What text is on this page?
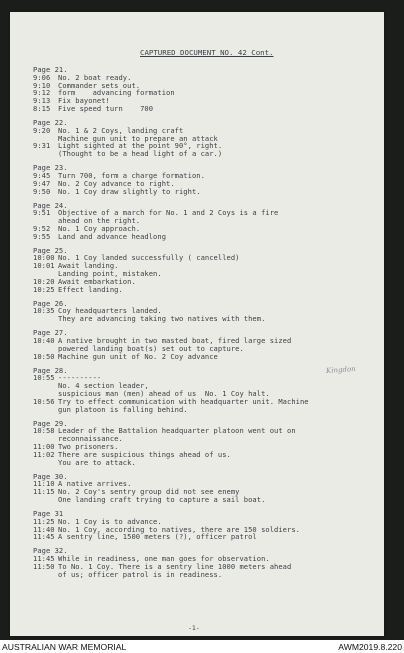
CAPTURED DOCUMENT NO. 42 Cont.
Page 21.
9:06	No. 2 boat ready.
9:10	Commander sets out.
9:12	form    advancing formation
9:13	Fix bayonet!
8:15	Five speed turn    700
Page 22.
9:20	No. 1 & 2 Coys, landing craft
Machine gun unit to prepare an attack
9:31	Light sighted at the point 90°, right.
(Thought to be a head light of a car.)
Page 23.
9:45	Turn 700, form a charge formation.
9:47	No. 2 Coy advance to right.
9:50	No. 1 Coy draw slightly to right.
Page 24.
9:51	Objective of a march for No. 1 and 2 Coys is a fire
ahead on the right.
9:52	No. 1 Coy approach.
9:55	Land and advance headlong
Page 25.
10:00 No. 1 Coy landed successfully ( cancelled)
10:01 Await landing.
Landing point, mistaken.
10:20 Await embarkation.
10:25 Effect landing.
Page 26.
10:35 Coy headquarters landed.
They are advancing taking two natives with them.
Page 27.
10:40 A native brought in two masted boat, fired large sized
powered landing boat(s) set out to capture.
10:50 Machine gun unit of No. 2 Coy advance
Page 28.
10:55 ----------
No. 4 section leader,
suspicious man (men) ahead of us  No. 1 Coy halt.
10:56 Try to effect communication with headquarter unit. Machine
gun platoon is falling behind.
Page 29.
10:58 Leader of the Battalion headquarter platoon went out on
reconnaissance.
11:00 Two prisoners.
11:02 There are suspicious things ahead of us.
You are to attack.
Page 30.
11:10 A native arrives.
11:15 No. 2 Coy's sentry group did not see enemy
One landing craft trying to capture a sail boat.
Page 31
11:25 No. 1 Coy is to advance.
11:40 No. 1 Coy, according to natives, there are 150 soldiers.
11:45 A sentry line, 1500 meters (?), officer patrol
Page 32.
11:45 While in readiness, one man goes for observation.
11:50 To No. 1 Coy. There is a sentry line 1000 meters ahead
of us; officer patrol is in readiness.
Kingdon
-1-
AUSTRALIAN WAR MEMORIAL	AWM2019.8.220
